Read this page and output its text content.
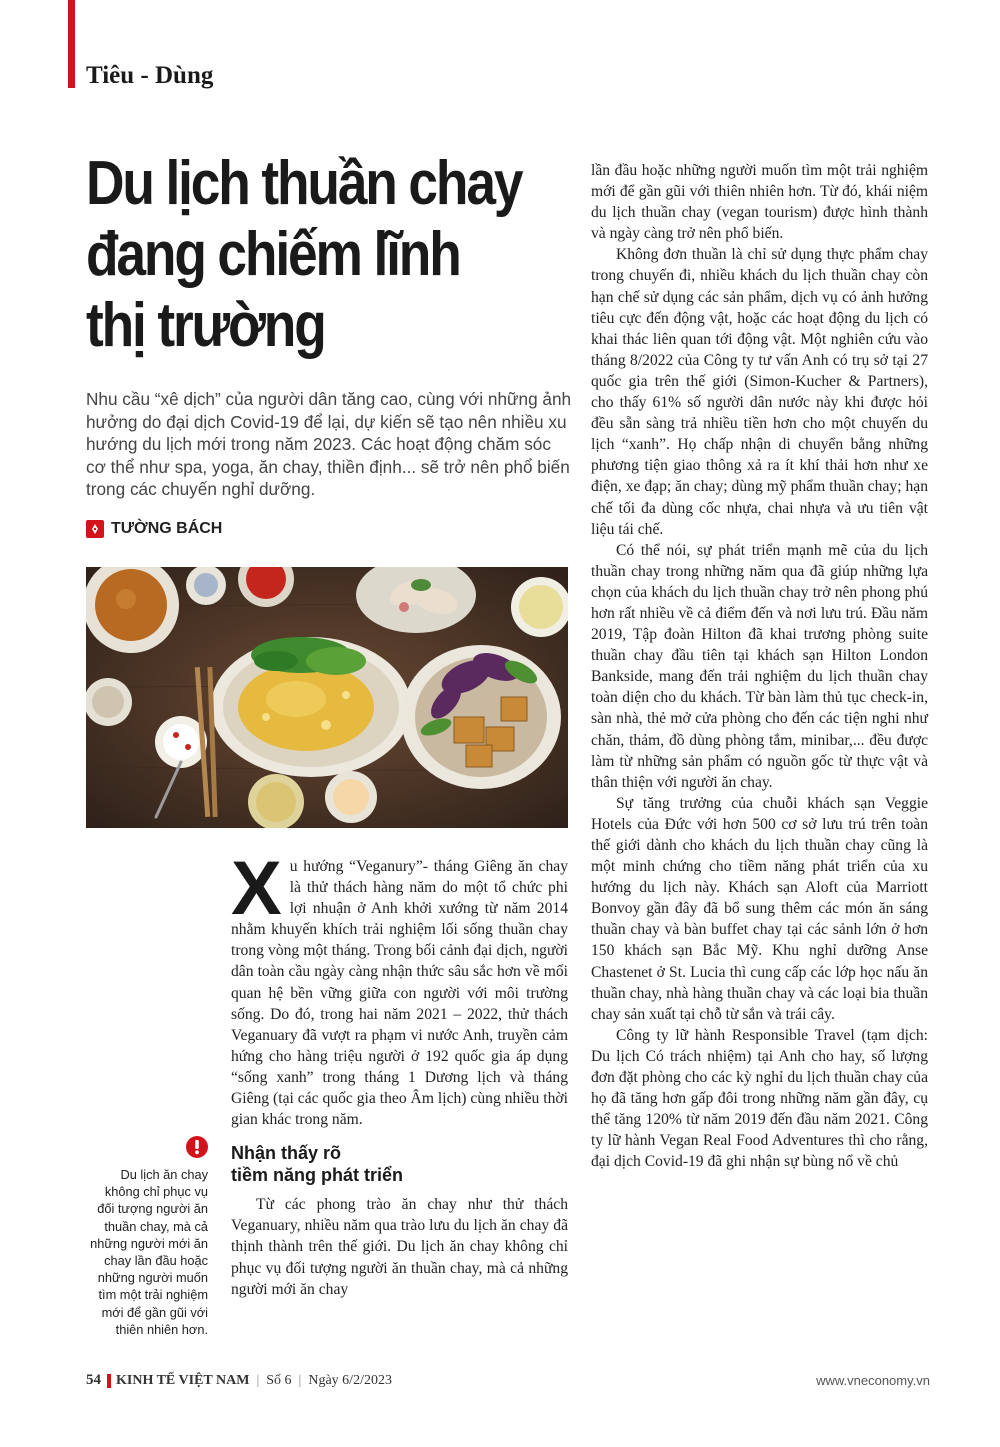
Tiêu - Dùng
Du lịch thuần chay
đang chiếm lĩnh
thị trường

Nhu cầu “xê dịch” của người dân tăng cao, cùng với những ảnh hưởng do đại dịch Covid-19 để lại, dự kiến sẽ tạo nên nhiều xu hướng du lịch mới trong năm 2023. Các hoạt động chăm sóc cơ thể như spa, yoga, ăn chay, thiền định... sẽ trở nên phổ biến trong các chuyến nghỉ dưỡng.

TƯỜNG BÁCH

Xu hướng “Veganury”- tháng Giêng ăn chay là thử thách hàng năm do một tổ chức phi lợi nhuận ở Anh khởi xướng từ năm 2014 nhằm khuyến khích trải nghiệm lối sống thuần chay trong vòng một tháng. Trong bối cảnh đại dịch, người dân toàn cầu ngày càng nhận thức sâu sắc hơn về mối quan hệ bền vững giữa con người với môi trường sống. Do đó, trong hai năm 2021 – 2022, thử thách Veganuary đã vượt ra phạm vi nước Anh, truyền cảm hứng cho hàng triệu người ở 192 quốc gia áp dụng “sống xanh” trong tháng 1 Dương lịch và tháng Giêng (tại các quốc gia theo Âm lịch) cùng nhiều thời gian khác trong năm.

Nhận thấy rõ
tiềm năng phát triển

Từ các phong trào ăn chay như thử thách Veganuary, nhiều năm qua trào lưu du lịch ăn chay đã thịnh thành trên thế giới. Du lịch ăn chay không chỉ phục vụ đối tượng người ăn thuần chay, mà cả những người mới ăn chay

lần đầu hoặc những người muốn tìm một trải nghiệm mới để gần gũi với thiên nhiên hơn. Từ đó, khái niệm du lịch thuần chay (vegan tourism) được hình thành và ngày càng trở nên phổ biến.

Không đơn thuần là chỉ sử dụng thực phẩm chay trong chuyến đi, nhiều khách du lịch thuần chay còn hạn chế sử dụng các sản phẩm, dịch vụ có ảnh hưởng tiêu cực đến động vật, hoặc các hoạt động du lịch có khai thác liên quan tới động vật. Một nghiên cứu vào tháng 8/2022 của Công ty tư vấn Anh có trụ sở tại 27 quốc gia trên thế giới (Simon-Kucher & Partners), cho thấy 61% số người dân nước này khi được hỏi đều sẵn sàng trả nhiều tiền hơn cho một chuyến du lịch “xanh”. Họ chấp nhận di chuyển bằng những phương tiện giao thông xả ra ít khí thải hơn như xe điện, xe đạp; ăn chay; dùng mỹ phẩm thuần chay; hạn chế tối đa dùng cốc nhựa, chai nhựa và ưu tiên vật liệu tái chế.

Có thể nói, sự phát triển mạnh mẽ của du lịch thuần chay trong những năm qua đã giúp những lựa chọn của khách du lịch thuần chay trở nên phong phú hơn rất nhiều về cả điểm đến và nơi lưu trú. Đầu năm 2019, Tập đoàn Hilton đã khai trương phòng suite thuần chay đầu tiên tại khách sạn Hilton London Bankside, mang đến trải nghiệm du lịch thuần chay toàn diện cho du khách. Từ bàn làm thủ tục check-in, sàn nhà, thẻ mở cửa phòng cho đến các tiện nghi như chăn, thảm, đồ dùng phòng tắm, minibar,... đều được làm từ những sản phẩm có nguồn gốc từ thực vật và thân thiện với người ăn chay.

Sự tăng trưởng của chuỗi khách sạn Veggie Hotels của Đức với hơn 500 cơ sở lưu trú trên toàn thế giới dành cho khách du lịch thuần chay cũng là một minh chứng cho tiềm năng phát triển của xu hướng du lịch này. Khách sạn Aloft của Marriott Bonvoy gần đây đã bổ sung thêm các món ăn sáng thuần chay và bàn buffet chay tại các sảnh lớn ở hơn 150 khách sạn Bắc Mỹ. Khu nghỉ dưỡng Anse Chastenet ở St. Lucia thì cung cấp các lớp học nấu ăn thuần chay, nhà hàng thuần chay và các loại bia thuần chay sản xuất tại chỗ từ sắn và trái cây.

Công ty lữ hành Responsible Travel (tạm dịch: Du lịch Có trách nhiệm) tại Anh cho hay, số lượng đơn đặt phòng cho các kỳ nghỉ du lịch thuần chay của họ đã tăng hơn gấp đôi trong những năm gần đây, cụ thể tăng 120% từ năm 2019 đến đầu năm 2021. Công ty lữ hành Vegan Real Food Adventures thì cho rằng, đại dịch Covid-19 đã ghi nhận sự bùng nổ về chủ

Du lịch ăn chay không chỉ phục vụ đối tượng người ăn thuần chay, mà cả những người mới ăn chay lần đầu hoặc những người muốn tìm một trải nghiệm mới để gần gũi với thiên nhiên hơn.

54 KINH TẾ VIỆT NAM | Số 6 | Ngày 6/2/2023	www.vneconomy.vn
